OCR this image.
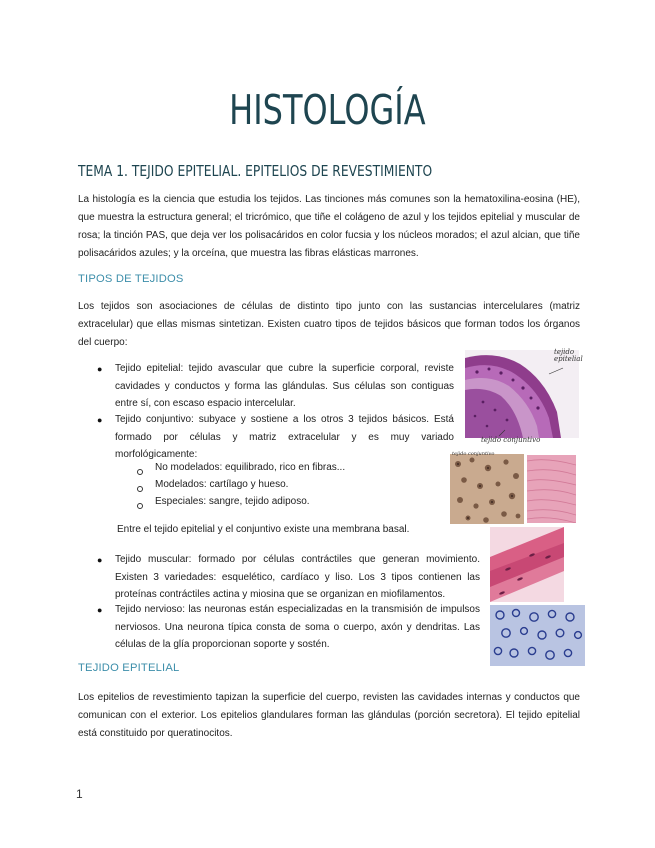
HISTOLOGÍA
TEMA 1. TEJIDO EPITELIAL. EPITELIOS DE REVESTIMIENTO
La histología es la ciencia que estudia los tejidos. Las tinciones más comunes son la hematoxilina-eosina (HE), que muestra la estructura general; el tricrómico, que tiñe el colágeno de azul y los tejidos epitelial y muscular de rosa; la tinción PAS, que deja ver los polisacáridos en color fucsia y los núcleos morados; el azul alcian, que tiñe polisacáridos azules; y la orceína, que muestra las fibras elásticas marrones.
TIPOS DE TEJIDOS
Los tejidos son asociaciones de células de distinto tipo junto con las sustancias intercelulares (matriz extracelular) que ellas mismas sintetizan. Existen cuatro tipos de tejidos básicos que forman todos los órganos del cuerpo:
● Tejido epitelial: tejido avascular que cubre la superficie corporal, reviste cavidades y conductos y forma las glándulas. Sus células son contiguas entre sí, con escaso espacio intercelular.
● Tejido conjuntivo: subyace y sostiene a los otros 3 tejidos básicos. Está formado por células y matriz extracelular y es muy variado morfológicamente:
No modelados: equilibrado, rico en fibras...
Modelados: cartílago y hueso.
Especiales: sangre, tejido adiposo.
Entre el tejido epitelial y el conjuntivo existe una membrana basal.
● Tejido muscular: formado por células contráctiles que generan movimiento. Existen 3 variedades: esquelético, cardíaco y liso. Los 3 tipos contienen las proteínas contráctiles actina y miosina que se organizan en miofilamentos.
● Tejido nervioso: las neuronas están especializadas en la transmisión de impulsos nerviosos. Una neurona típica consta de soma o cuerpo, axón y dendritas. Las células de la glía proporcionan soporte y sostén.
TEJIDO EPITELIAL
Los epitelios de revestimiento tapizan la superficie del cuerpo, revisten las cavidades internas y conductos que comunican con el exterior. Los epitelios glandulares forman las glándulas (porción secretora). El tejido epitelial está constituido por queratinocitos.
tejido epitelial
tejido conjuntivo
tejido conjuntivo
1
